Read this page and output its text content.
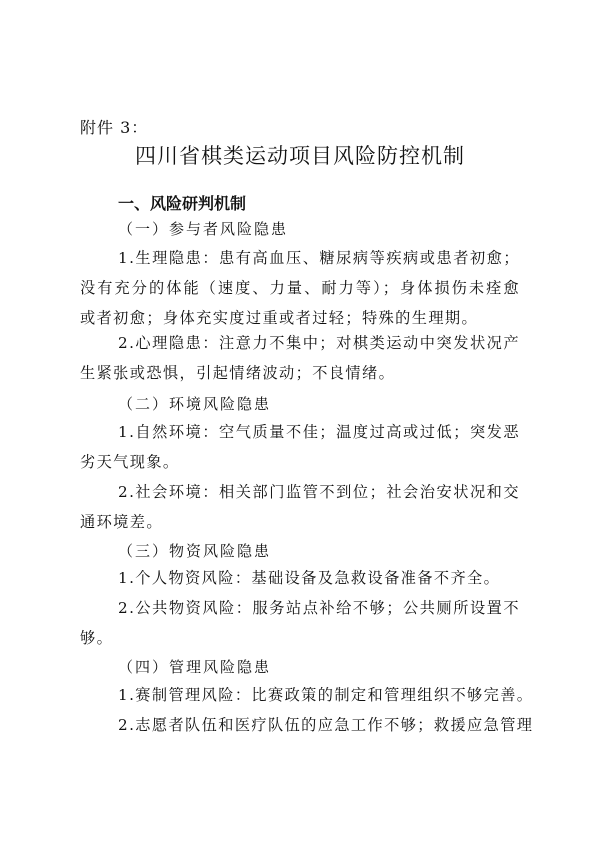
附件 3：
四川省棋类运动项目风险防控机制
一、风险研判机制
（一）参与者风险隐患
1.生理隐患：患有高血压、糖尿病等疾病或患者初愈；没有充分的体能（速度、力量、耐力等）；身体损伤未痊愈或者初愈；身体充实度过重或者过轻；特殊的生理期。
2.心理隐患：注意力不集中；对棋类运动中突发状况产生紧张或恐惧，引起情绪波动；不良情绪。
（二）环境风险隐患
1.自然环境：空气质量不佳；温度过高或过低；突发恶劣天气现象。
2.社会环境：相关部门监管不到位；社会治安状况和交通环境差。
（三）物资风险隐患
1.个人物资风险：基础设备及急救设备准备不齐全。
2.公共物资风险：服务站点补给不够；公共厕所设置不够。
（四）管理风险隐患
1.赛制管理风险：比赛政策的制定和管理组织不够完善。
2.志愿者队伍和医疗队伍的应急工作不够；救援应急管理
